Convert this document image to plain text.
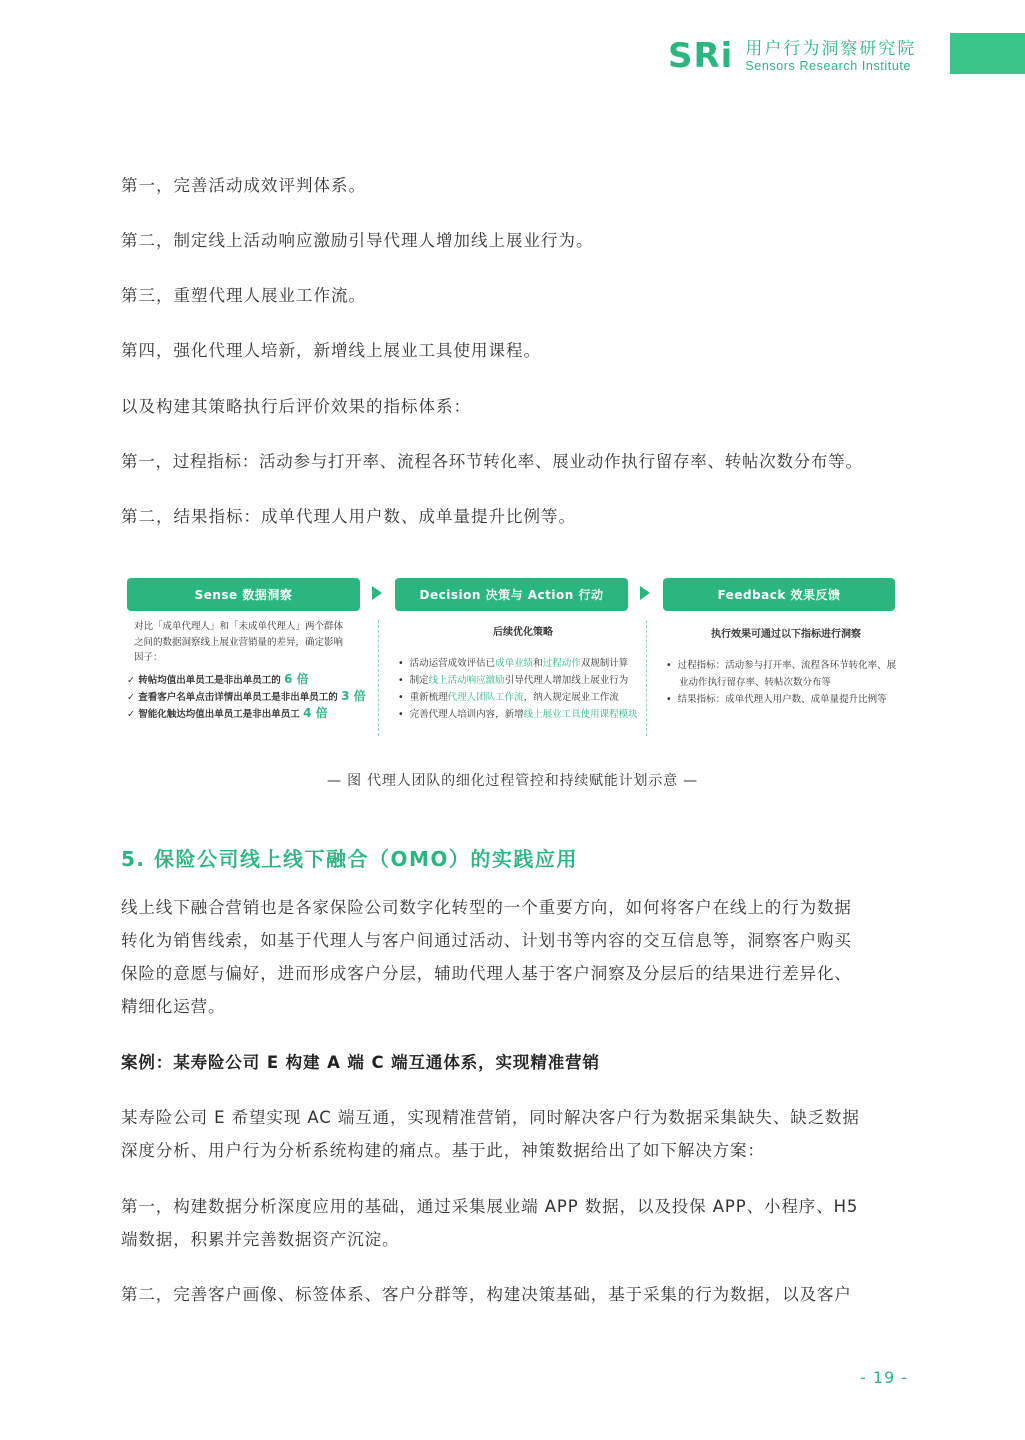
SRi 用户行为洞察研究院
Sensors Research Institute
第一，完善活动成效评判体系。
第二，制定线上活动响应激励引导代理人增加线上展业行为。
第三，重塑代理人展业工作流。
第四，强化代理人培新，新增线上展业工具使用课程。
以及构建其策略执行后评价效果的指标体系：
第一，过程指标：活动参与打开率、流程各环节转化率、展业动作执行留存率、转帖次数分布等。
第二，结果指标：成单代理人用户数、成单量提升比例等。
Sense 数据洞察	Decision 决策与 Action 行动	Feedback 效果反馈
对比「成单代理人」和「未成单代理人」两个群体
之间的数据洞察线上展业营销量的差异，确定影响
因子：
✓ 转帖均值出单员工是非出单员工的 6 倍
✓ 查看客户名单点击详情出单员工是非出单员工的 3 倍
✓ 智能化触达均值出单员工是非出单员工 4 倍
后续优化策略
• 活动运营成效评估已成单业绩和过程动作双规制计算
• 制定线上活动响应激励引导代理人增加线上展业行为
• 重新梳理代理人团队工作流，纳入规定展业工作流
• 完善代理人培训内容，新增线上展业工具使用课程模块
执行效果可通过以下指标进行洞察
• 过程指标：活动参与打开率、流程各环节转化率、展
业动作执行留存率、转帖次数分布等
• 结果指标：成单代理人用户数、成单量提升比例等
— 图 代理人团队的细化过程管控和持续赋能计划示意 —
5. 保险公司线上线下融合（OMO）的实践应用
线上线下融合营销也是各家保险公司数字化转型的一个重要方向，如何将客户在线上的行为数据
转化为销售线索，如基于代理人与客户间通过活动、计划书等内容的交互信息等，洞察客户购买
保险的意愿与偏好，进而形成客户分层，辅助代理人基于客户洞察及分层后的结果进行差异化、
精细化运营。
案例：某寿险公司 E 构建 A 端 C 端互通体系，实现精准营销
某寿险公司 E 希望实现 AC 端互通，实现精准营销，同时解决客户行为数据采集缺失、缺乏数据
深度分析、用户行为分析系统构建的痛点。基于此，神策数据给出了如下解决方案：
第一，构建数据分析深度应用的基础，通过采集展业端 APP 数据，以及投保 APP、小程序、H5
端数据，积累并完善数据资产沉淀。
第二，完善客户画像、标签体系、客户分群等，构建决策基础，基于采集的行为数据，以及客户
- 19 -
